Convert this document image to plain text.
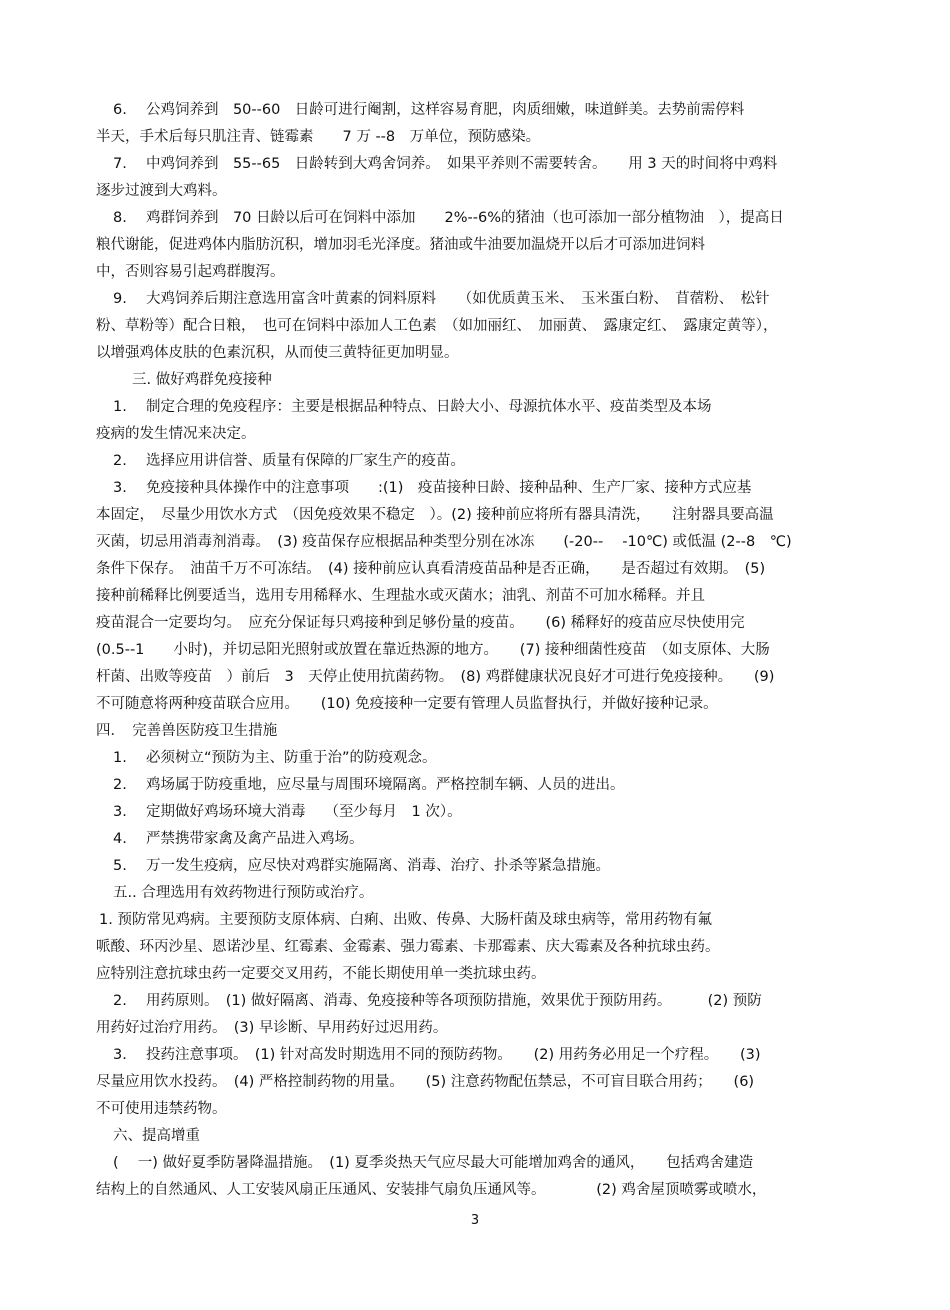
6.　 公鸡饲养到　50--60　日龄可进行阉割，这样容易育肥，肉质细嫩，味道鲜美。去势前需停料
半天，手术后每只肌注青、链霉素　　7 万 --8　万单位，预防感染。
7.　 中鸡饲养到　55--65　日龄转到大鸡舍饲养。　如果平养则不需要转舍。　　用 3 天的时间将中鸡料
逐步过渡到大鸡料。
8.　 鸡群饲养到　70 日龄以后可在饲料中添加　　2%--6%的猪油（也可添加一部分植物油　），提高日
粮代谢能，促进鸡体内脂肪沉积，增加羽毛光泽度。猪油或牛油要加温烧开以后才可添加进饲料
中，否则容易引起鸡群腹泻。
9.　 大鸡饲养后期注意选用富含叶黄素的饲料原料　　（如优质黄玉米、　玉米蛋白粉、　苜蓿粉、　松针
粉、草粉等）配合日粮，　也可在饲料中添加人工色素　（如加丽红、　加丽黄、　露康定红、　露康定黄等），
以增强鸡体皮肤的色素沉积，从而使三黄特征更加明显。
三. 做好鸡群免疫接种
1.　 制定合理的免疫程序：主要是根据品种特点、日龄大小、母源抗体水平、疫苗类型及本场
疫病的发生情况来决定。
2.　 选择应用讲信誉、质量有保障的厂家生产的疫苗。
3.　 免疫接种具体操作中的注意事项　　:(1)　疫苗接种日龄、接种品种、生产厂家、接种方式应基
本固定，　尽量少用饮水方式　（因免疫效果不稳定　）。(2) 接种前应将所有器具清洗，　　注射器具要高温
灭菌，切忌用消毒剂消毒。　(3) 疫苗保存应根据品种类型分别在冰冻　　(-20--　 -10℃) 或低温 (2--8　℃)
条件下保存。　油苗千万不可冻结。　(4) 接种前应认真看清疫苗品种是否正确，　　是否超过有效期。　(5)
接种前稀释比例要适当，选用专用稀释水、生理盐水或灭菌水；油乳、剂苗不可加水稀释。并且
疫苗混合一定要均匀。　应充分保证每只鸡接种到足够份量的疫苗。　　(6) 稀释好的疫苗应尽快使用完
(0.5--1　　小时)，并切忌阳光照射或放置在靠近热源的地方。　　(7) 接种细菌性疫苗　（如支原体、大肠
杆菌、出败等疫苗　）前后　3　天停止使用抗菌药物。　(8) 鸡群健康状况良好才可进行免疫接种。　　(9)
不可随意将两种疫苗联合应用。　　(10) 免疫接种一定要有管理人员监督执行，并做好接种记录。
四．　完善兽医防疫卫生措施
1.　 必须树立“预防为主、防重于治”的防疫观念。
2.　 鸡场属于防疫重地，应尽量与周围环境隔离。严格控制车辆、人员的进出。
3.　 定期做好鸡场环境大消毒　 （至少每月　1 次）。
4.　 严禁携带家禽及禽产品进入鸡场。
5.　 万一发生疫病，应尽快对鸡群实施隔离、消毒、治疗、扑杀等紧急措施。
五.. 合理选用有效药物进行预防或治疗。
1. 预防常见鸡病。主要预防支原体病、白痢、出败、传鼻、大肠杆菌及球虫病等，常用药物有氟
哌酸、环丙沙星、恩诺沙星、红霉素、金霉素、强力霉素、卡那霉素、庆大霉素及各种抗球虫药。
应特别注意抗球虫药一定要交叉用药，不能长期使用单一类抗球虫药。
2.　 用药原则。　(1) 做好隔离、消毒、免疫接种等各项预防措施，效果优于预防用药。　　　(2) 预防
用药好过治疗用药。　(3) 早诊断、早用药好过迟用药。
3.　 投药注意事项。　(1) 针对高发时期选用不同的预防药物。　　(2) 用药务必用足一个疗程。　　(3)
尽量应用饮水投药。　(4) 严格控制药物的用量。　　(5) 注意药物配伍禁忌，不可盲目联合用药；　　(6)
不可使用违禁药物。
六、提高增重
(　 一) 做好夏季防暑降温措施。　(1) 夏季炎热天气应尽最大可能增加鸡舍的通风，　　包括鸡舍建造
结构上的自然通风、人工安装风扇正压通风、安装排气扇负压通风等。　　　　(2) 鸡舍屋顶喷雾或喷水，
3
